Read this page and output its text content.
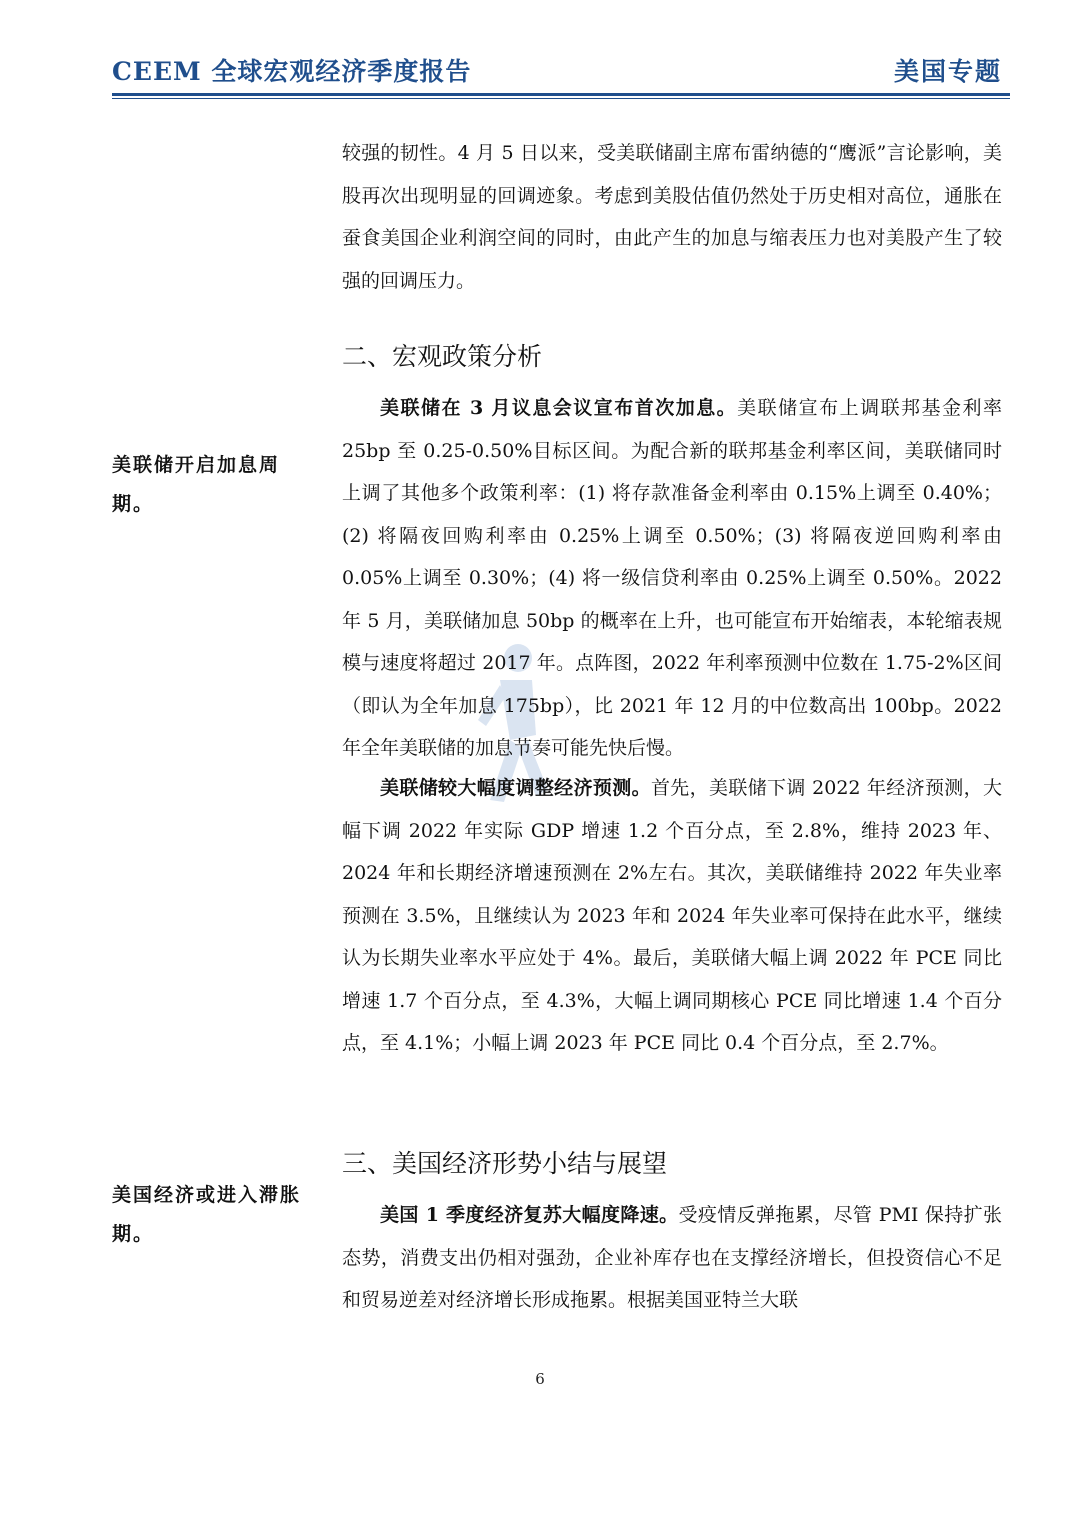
CEEM 全球宏观经济季度报告	美国专题
美联储开启加息周期。
美国经济或进入滞胀期。

较强的韧性。4 月 5 日以来，受美联储副主席布雷纳德的“鹰派”言论影响，美股再次出现明显的回调迹象。考虑到美股估值仍然处于历史相对高位，通胀在蚕食美国企业利润空间的同时，由此产生的加息与缩表压力也对美股产生了较强的回调压力。

二、宏观政策分析

美联储在 3 月议息会议宣布首次加息。美联储宣布上调联邦基金利率 25bp 至 0.25-0.50%目标区间。为配合新的联邦基金利率区间，美联储同时上调了其他多个政策利率：(1) 将存款准备金利率由 0.15%上调至 0.40%；(2) 将隔夜回购利率由 0.25%上调至 0.50%；(3) 将隔夜逆回购利率由 0.05%上调至 0.30%；(4) 将一级信贷利率由 0.25%上调至 0.50%。2022 年 5 月，美联储加息 50bp 的概率在上升，也可能宣布开始缩表，本轮缩表规模与速度将超过 2017 年。点阵图，2022 年利率预测中位数在 1.75-2%区间（即认为全年加息 175bp），比 2021 年 12 月的中位数高出 100bp。2022 年全年美联储的加息节奏可能先快后慢。

美联储较大幅度调整经济预测。首先，美联储下调 2022 年经济预测，大幅下调 2022 年实际 GDP 增速 1.2 个百分点，至 2.8%，维持 2023 年、2024 年和长期经济增速预测在 2%左右。其次，美联储维持 2022 年失业率预测在 3.5%，且继续认为 2023 年和 2024 年失业率可保持在此水平，继续认为长期失业率水平应处于 4%。最后，美联储大幅上调 2022 年 PCE 同比增速 1.7 个百分点，至 4.3%，大幅上调同期核心 PCE 同比增速 1.4 个百分点，至 4.1%；小幅上调 2023 年 PCE 同比 0.4 个百分点，至 2.7%。

三、美国经济形势小结与展望

美国 1 季度经济复苏大幅度降速。受疫情反弹拖累，尽管 PMI 保持扩张态势，消费支出仍相对强劲，企业补库存也在支撑经济增长，但投资信心不足和贸易逆差对经济增长形成拖累。根据美国亚特兰大联

6
